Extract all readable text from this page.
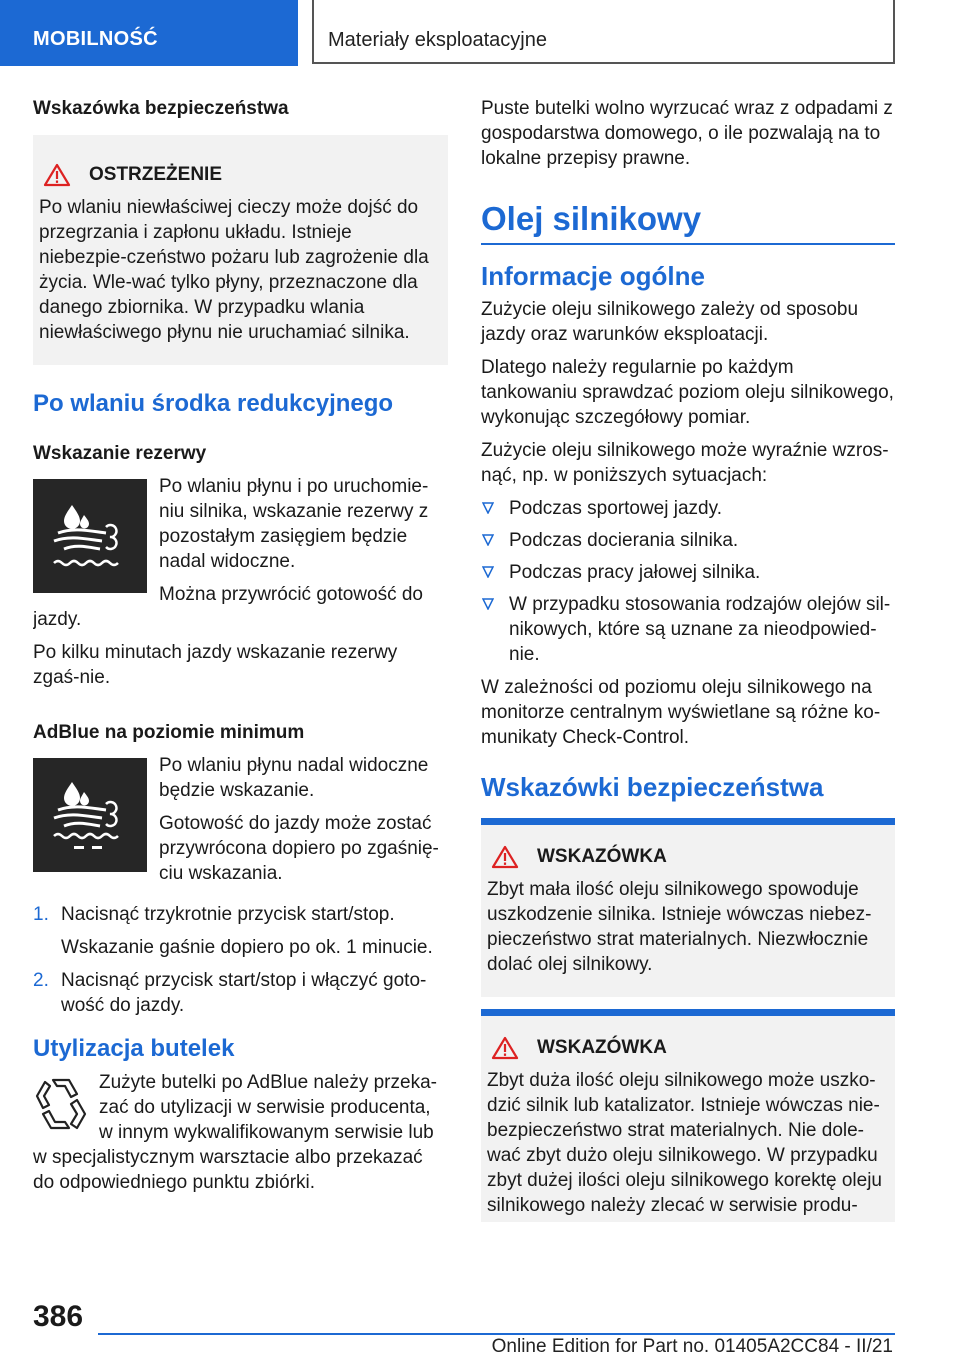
MOBILNOŚĆ	Materiały eksploatacyjne
Wskazówka bezpieczeństwa
OSTRZEŻENIE

Po wlaniu niewłaściwej cieczy może dojść do przegrzania i zapłonu układu. Istnieje niebezpie-czeństwo pożaru lub zagrożenie dla życia. Wle-wać tylko płyny, przeznaczone dla danego zbiornika. W przypadku wlania niewłaściwego płynu nie uruchamiać silnika.

Po wlaniu środka redukcyjnego
Wskazanie rezerwy

Po wlaniu płynu i po uruchomie-niu silnika, wskazanie rezerwy z pozostałym zasięgiem będzie nadal widoczne.

Można przywrócić gotowość do jazdy.

Po kilku minutach jazdy wskazanie rezerwy zgaś-nie.

AdBlue na poziomie minimum

Po wlaniu płynu nadal widoczne będzie wskazanie.

Gotowość do jazdy może zostać przywrócona dopiero po zgaśnię-ciu wskazania.

1. Nacisnąć trzykrotnie przycisk start/stop.
Wskazanie gaśnie dopiero po ok. 1 minucie.
2. Nacisnąć przycisk start/stop i włączyć goto-wość do jazdy.
Utylizacja butelek

Zużyte butelki po AdBlue należy przeka-zać do utylizacji w serwisie producenta, w innym wykwalifikowanym serwisie lub w specjalistycznym warsztacie albo przekazać do odpowiedniego punktu zbiórki.

Puste butelki wolno wyrzucać wraz z odpadami z gospodarstwa domowego, o ile pozwalają na to lokalne przepisy prawne.

Olej silnikowy
Informacje ogólne

Zużycie oleju silnikowego zależy od sposobu jazdy oraz warunków eksploatacji.

Dlatego należy regularnie po każdym tankowaniu sprawdzać poziom oleju silnikowego, wykonując szczegółowy pomiar.

Zużycie oleju silnikowego może wyraźnie wzros-nąć, np. w poniższych sytuacjach:

Podczas sportowej jazdy.
Podczas docierania silnika.
Podczas pracy jałowej silnika.
W przypadku stosowania rodzajów olejów sil-nikowych, które są uznane za nieodpowied-nie.

W zależności od poziomu oleju silnikowego na monitorze centralnym wyświetlane są różne ko-munikaty Check-Control.

Wskazówki bezpieczeństwa
WSKAZÓWKA

Zbyt mała ilość oleju silnikowego spowoduje uszkodzenie silnika. Istnieje wówczas niebez-pieczeństwo strat materialnych. Niezwłocznie dolać olej silnikowy.

WSKAZÓWKA

Zbyt duża ilość oleju silnikowego może uszko-dzić silnik lub katalizator. Istnieje wówczas nie-bezpieczeństwo strat materialnych. Nie dole-wać zbyt dużo oleju silnikowego. W przypadku zbyt dużej ilości oleju silnikowego korektę oleju silnikowego należy zlecać w serwisie produ-

386
Online Edition for Part no. 01405A2CC84 - II/21
